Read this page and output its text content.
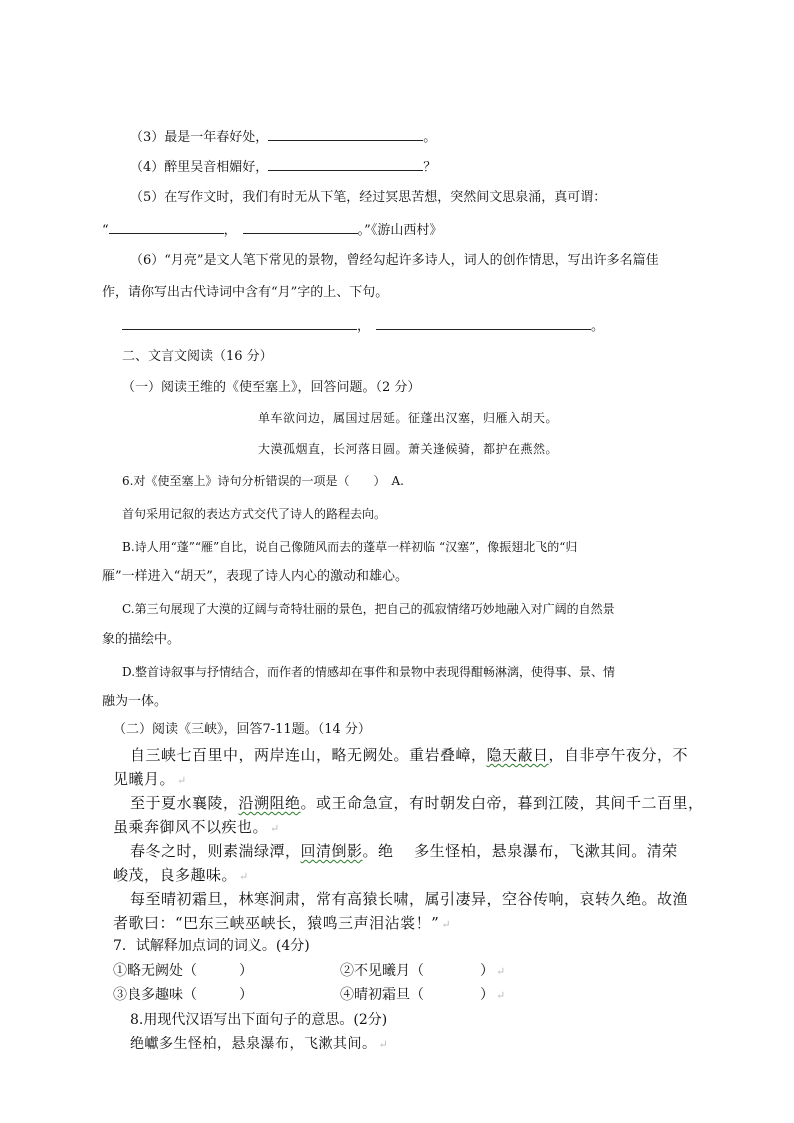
（3）最是一年春好处，	。
（4）醉里吴音相媚好，	？
（5）在写作文时，我们有时无从下笔，经过冥思苦想，突然间文思泉涌，真可谓：
“	，	。”《游山西村》
（6）“月亮”是文人笔下常见的景物，曾经勾起许多诗人，词人的创作情思，写出许多名篇佳
作，请你写出古代诗词中含有“月”字的上、下句。
，	。
二、文言文阅读（16 分）
（一）阅读王维的《使至塞上》，回答问题。（2 分）
单车欲问边，属国过居延。征蓬出汉塞，归雁入胡天。
大漠孤烟直，长河落日圆。萧关逢候骑，都护在燕然。
6.对《使至塞上》诗句分析错误的一项是（　　）　A.
首句采用记叙的表达方式交代了诗人的路程去向。
B.诗人用“蓬”“雁”自比，说自己像随风而去的蓬草一样初临 “汉塞”，像振翅北飞的“归
雁”一样进入“胡天”，表现了诗人内心的激动和雄心。
C.第三句展现了大漠的辽阔与奇特壮丽的景色，把自己的孤寂情绪巧妙地融入对广阔的自然景
象的描绘中。
D.整首诗叙事与抒情结合，而作者的情感却在事件和景物中表现得酣畅淋漓，使得事、景、情
融为一体。
（二）阅读《三峡》，回答7-11题。（14 分）
自三峡七百里中，两岸连山，略无阙处。重岩叠嶂，隐天蔽日，自非亭午夜分，不
见曦月。 ↵
至于夏水襄陵，沿溯阻绝。或王命急宣，有时朝发白帝，暮到江陵，其间千二百里，
虽乘奔御风不以疾也。 ↵
春冬之时，则素湍绿潭，回清倒影。绝　 多生怪柏，悬泉瀑布，飞漱其间。清荣
峻茂，良多趣味。 ↵
每至晴初霜旦，林寒涧肃，常有高猿长啸，属引凄异，空谷传响，哀转久绝。故渔
者歌曰：“巴东三峡巫峡长，猿鸣三声泪沾裳！” ↵
7．试解释加点词的词义。(4分)
①略无阙处（　　　）	②不见曦月（　　　　） ↵
③良多趣味（　　　）	④晴初霜旦（　　　　） ↵
8.用现代汉语写出下面句子的意思。(2分)
绝巘多生怪柏，悬泉瀑布，飞漱其间。 ↵
